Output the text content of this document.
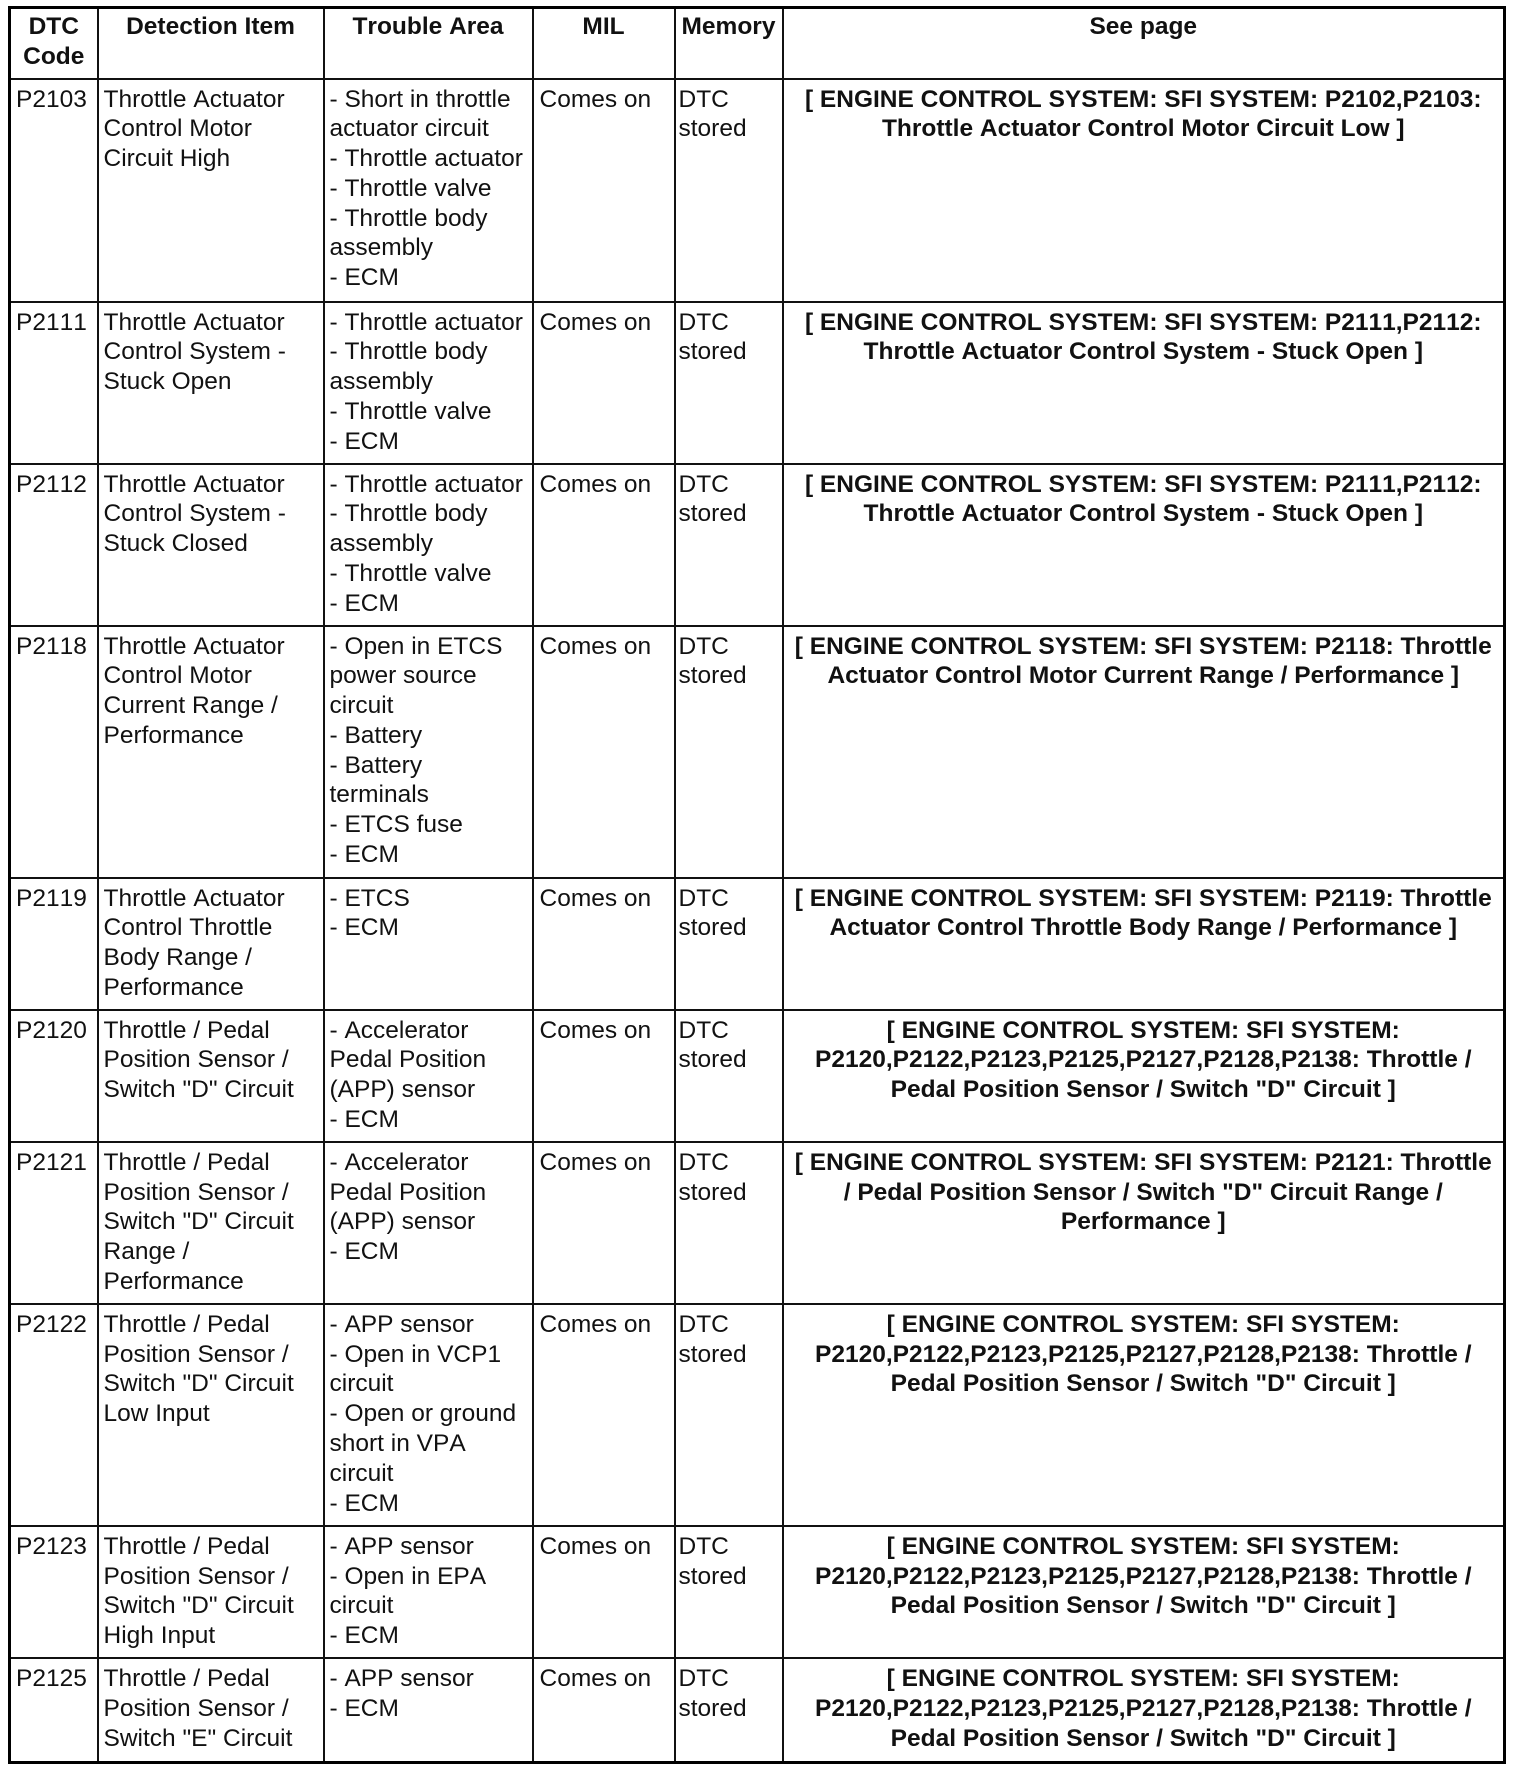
DTC Code	Detection Item	Trouble Area	MIL	Memory	See page
P2103	Throttle Actuator Control Motor Circuit High	- Short in throttle actuator circuit
- Throttle actuator
- Throttle valve
- Throttle body assembly
- ECM	Comes on	DTC stored	[ ENGINE CONTROL SYSTEM: SFI SYSTEM: P2102,P2103: Throttle Actuator Control Motor Circuit Low ]
P2111	Throttle Actuator Control System - Stuck Open	- Throttle actuator
- Throttle body assembly
- Throttle valve
- ECM	Comes on	DTC stored	[ ENGINE CONTROL SYSTEM: SFI SYSTEM: P2111,P2112: Throttle Actuator Control System - Stuck Open ]
P2112	Throttle Actuator Control System - Stuck Closed	- Throttle actuator
- Throttle body assembly
- Throttle valve
- ECM	Comes on	DTC stored	[ ENGINE CONTROL SYSTEM: SFI SYSTEM: P2111,P2112: Throttle Actuator Control System - Stuck Open ]
P2118	Throttle Actuator Control Motor Current Range / Performance	- Open in ETCS power source circuit
- Battery
- Battery terminals
- ETCS fuse
- ECM	Comes on	DTC stored	[ ENGINE CONTROL SYSTEM: SFI SYSTEM: P2118: Throttle Actuator Control Motor Current Range / Performance ]
P2119	Throttle Actuator Control Throttle Body Range / Performance	- ETCS
- ECM	Comes on	DTC stored	[ ENGINE CONTROL SYSTEM: SFI SYSTEM: P2119: Throttle Actuator Control Throttle Body Range / Performance ]
P2120	Throttle / Pedal Position Sensor / Switch "D" Circuit	- Accelerator Pedal Position (APP) sensor
- ECM	Comes on	DTC stored	[ ENGINE CONTROL SYSTEM: SFI SYSTEM: P2120,P2122,P2123,P2125,P2127,P2128,P2138: Throttle / Pedal Position Sensor / Switch "D" Circuit ]
P2121	Throttle / Pedal Position Sensor / Switch "D" Circuit Range / Performance	- Accelerator Pedal Position (APP) sensor
- ECM	Comes on	DTC stored	[ ENGINE CONTROL SYSTEM: SFI SYSTEM: P2121: Throttle / Pedal Position Sensor / Switch "D" Circuit Range / Performance ]
P2122	Throttle / Pedal Position Sensor / Switch "D" Circuit Low Input	- APP sensor
- Open in VCP1 circuit
- Open or ground short in VPA circuit
- ECM	Comes on	DTC stored	[ ENGINE CONTROL SYSTEM: SFI SYSTEM: P2120,P2122,P2123,P2125,P2127,P2128,P2138: Throttle / Pedal Position Sensor / Switch "D" Circuit ]
P2123	Throttle / Pedal Position Sensor / Switch "D" Circuit High Input	- APP sensor
- Open in EPA circuit
- ECM	Comes on	DTC stored	[ ENGINE CONTROL SYSTEM: SFI SYSTEM: P2120,P2122,P2123,P2125,P2127,P2128,P2138: Throttle / Pedal Position Sensor / Switch "D" Circuit ]
P2125	Throttle / Pedal Position Sensor / Switch "E" Circuit	- APP sensor
- ECM	Comes on	DTC stored	[ ENGINE CONTROL SYSTEM: SFI SYSTEM: P2120,P2122,P2123,P2125,P2127,P2128,P2138: Throttle / Pedal Position Sensor / Switch "D" Circuit ]
